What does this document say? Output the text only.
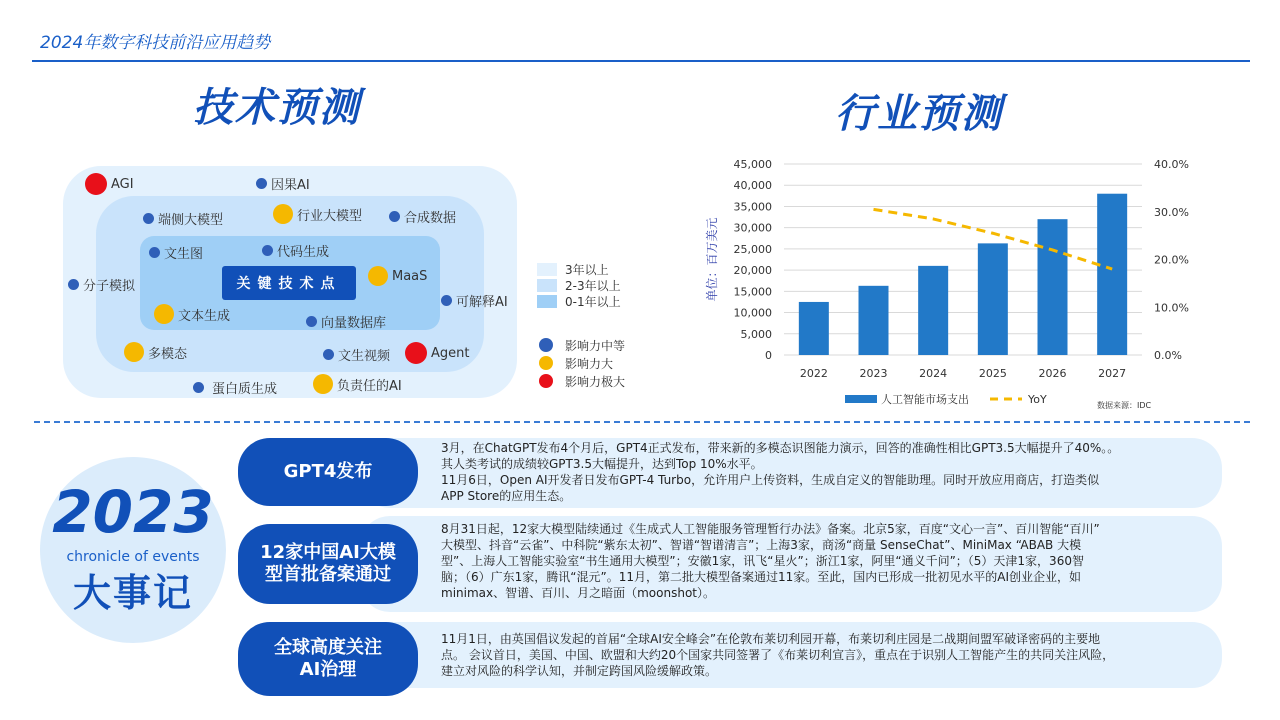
2024年数字科技前沿应用趋势
技术预测	行业预测
关键技术点
AGI	因果AI
端侧大模型	行业大模型	合成数据
文生图	代码生成
分子模拟
MaaS
可解释AI
文本生成	向量数据库
多模态	文生视频	Agent
蛋白质生成	负责任的AI
3年以上
2-3年以上
0-1年以上
影响力中等
影响力大
影响力极大
0
5,000
10,000
15,000
20,000
25,000
30,000
35,000
40,000
45,000
0.0%
10.0%
20.0%
30.0%
40.0%
单位：百万美元
2022	2023	2024	2025	2026	2027
人工智能市场支出	YoY	数据来源：IDC
2023
chronicle of events
大事记
GPT4发布
12家中国AI大模
型首批备案通过
全球高度关注
AI治理
3月，在ChatGPT发布4个月后，GPT4正式发布，带来新的多模态识图能力演示，回答的准确性相比GPT3.5大幅提升了40%。。
其人类考试的成绩较GPT3.5大幅提升，达到Top 10%水平。
11月6日，Open AI开发者日发布GPT-4 Turbo，允许用户上传资料，生成自定义的智能助理。同时开放应用商店，打造类似
APP Store的应用生态。
8月31日起，12家大模型陆续通过《生成式人工智能服务管理暂行办法》备案。北京5家，百度“文心一言”、百川智能“百川”
大模型、抖音“云雀”、中科院“紫东太初”、智谱“智谱清言”；上海3家，商汤“商量 SenseChat”、MiniMax “ABAB 大模
型”、上海人工智能实验室“书生通用大模型”；安徽1家，讯飞“星火”；浙江1家，阿里“通义千问”；（5）天津1家，360智
脑；（6）广东1家，腾讯“混元”。11月，第二批大模型备案通过11家。至此，国内已形成一批初见水平的AI创业企业，如
minimax、智谱、百川、月之暗面（moonshot）。
11月1日，由英国倡议发起的首届“全球AI安全峰会”在伦敦布莱切利园开幕，布莱切利庄园是二战期间盟军破译密码的主要地
点。 会议首日，美国、中国、欧盟和大约20个国家共同签署了《布莱切利宣言》，重点在于识别人工智能产生的共同关注风险，
建立对风险的科学认知，并制定跨国风险缓解政策。
